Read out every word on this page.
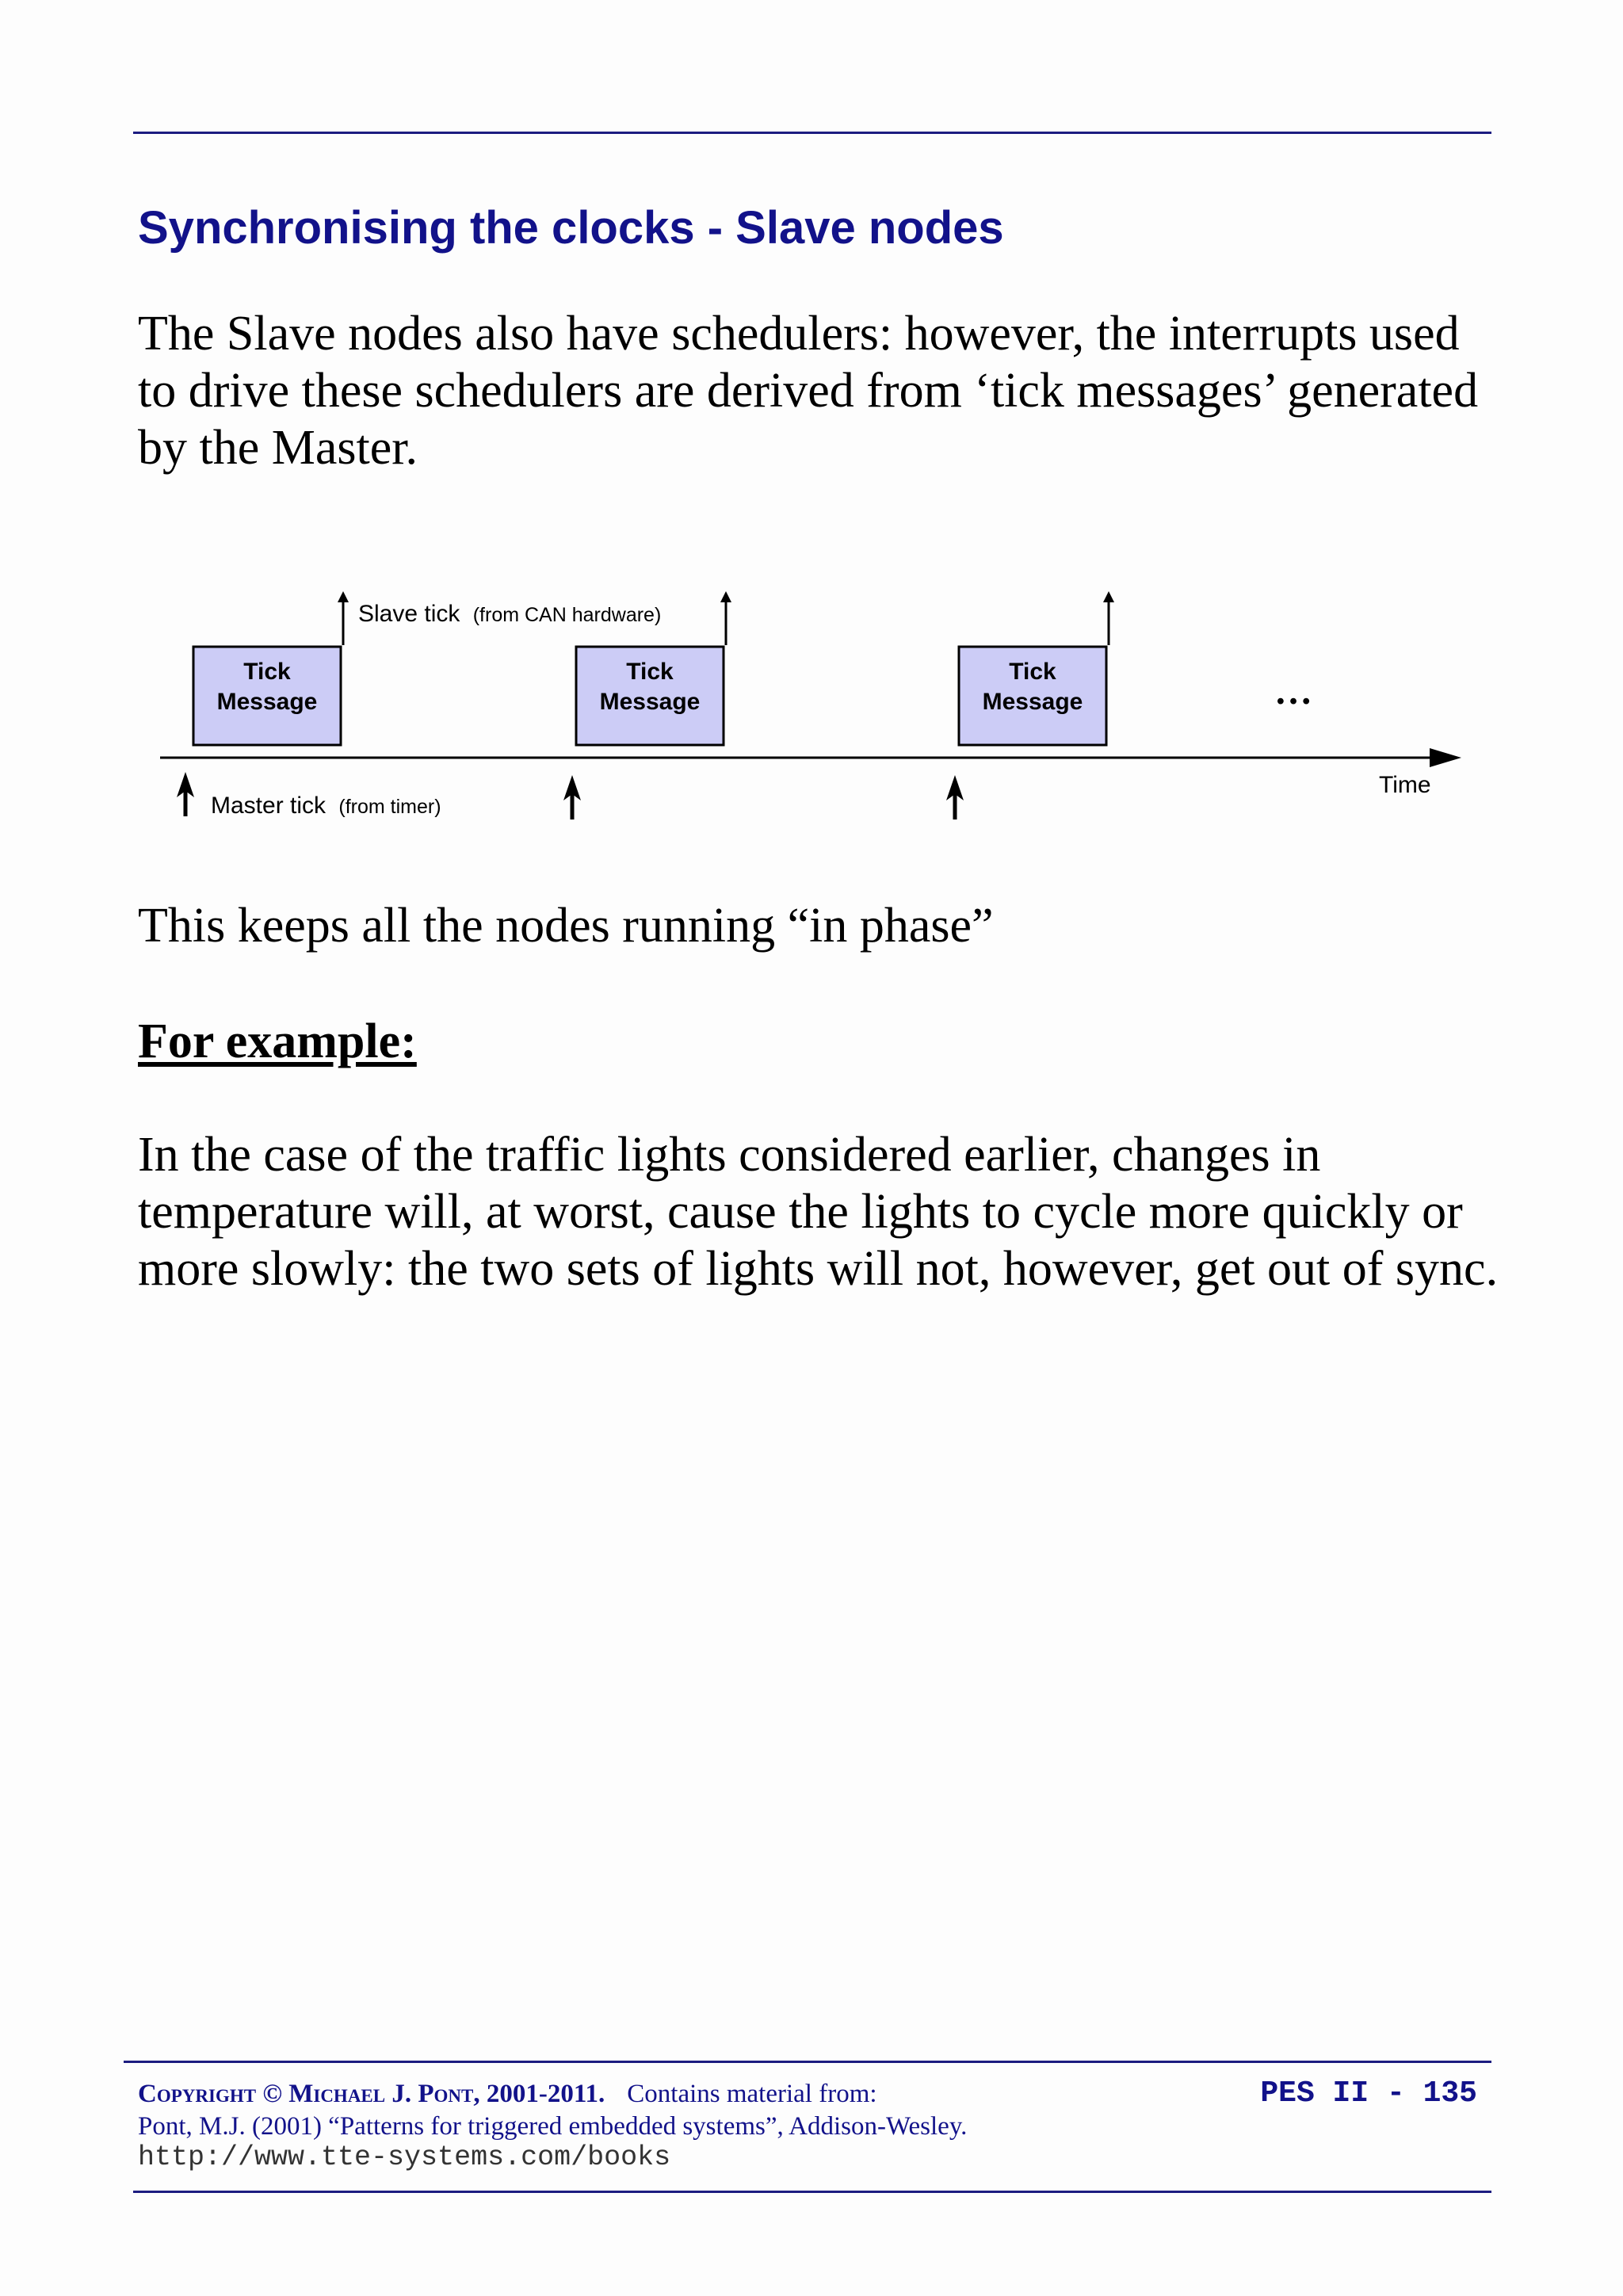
Synchronising the clocks - Slave nodes

The Slave nodes also have schedulers: however, the interrupts used to drive these schedulers are derived from ‘tick messages’ generated by the Master.

Time
Tick
Message
Tick
Message
Tick
Message	…
Slave tick (from CAN hardware)
Master tick (from timer)

This keeps all the nodes running “in phase”

For example:

In the case of the traffic lights considered earlier, changes in temperature will, at worst, cause the lights to cycle more quickly or more slowly: the two sets of lights will not, however, get out of sync.

Copyright © Michael J. Pont, 2001-2011. Contains material from:
Pont, M.J. (2001) “Patterns for triggered embedded systems”, Addison-Wesley.
http://www.tte-systems.com/books
PES II - 135
